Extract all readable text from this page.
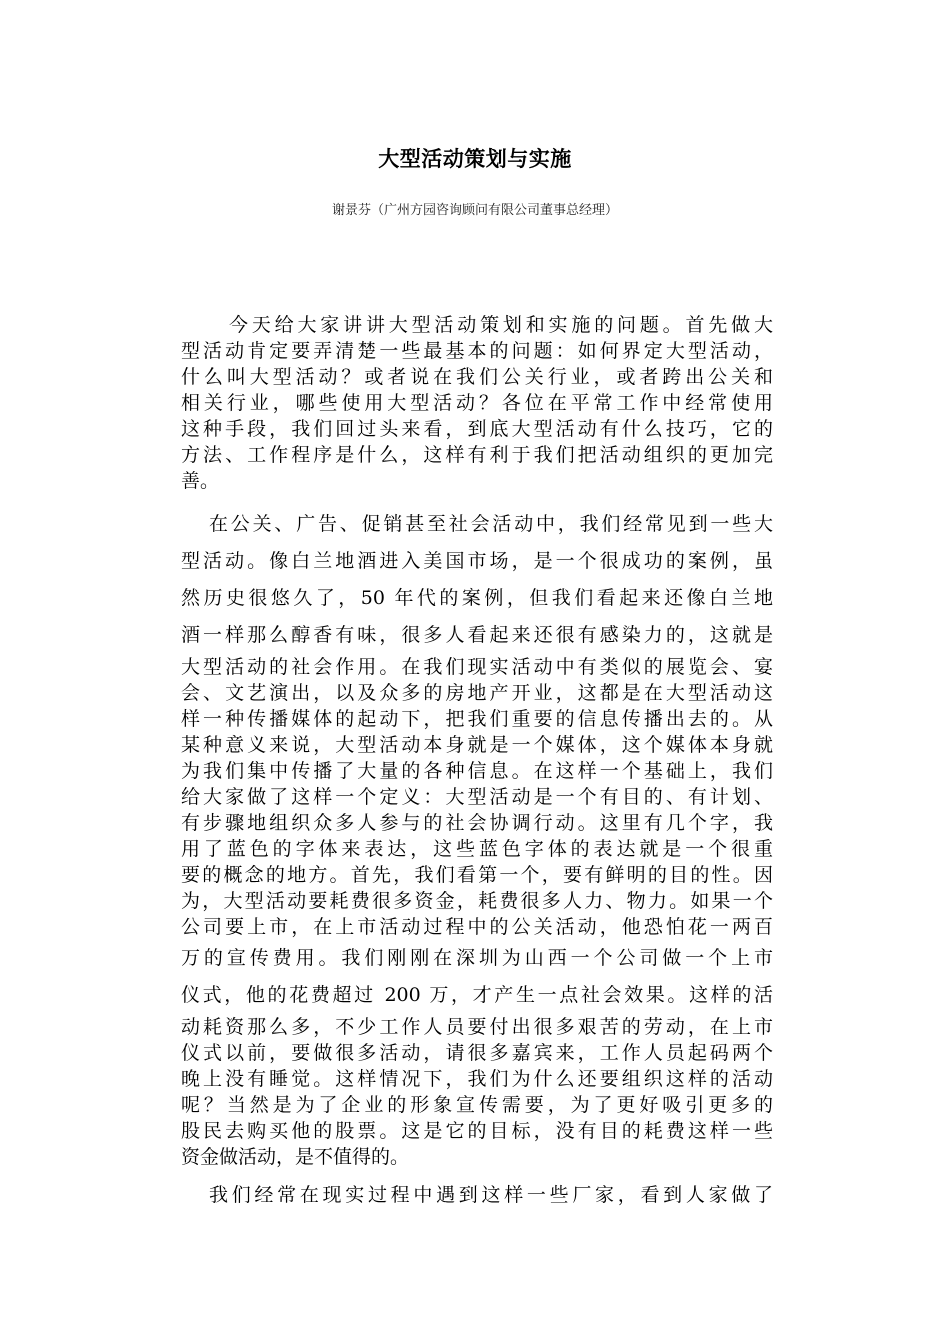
大型活动策划与实施
谢景芬（广州方园咨询顾问有限公司董事总经理）
今天给大家讲讲大型活动策划和实施的问题。首先做大
型活动肯定要弄清楚一些最基本的问题：如何界定大型活动，
什么叫大型活动？或者说在我们公关行业，或者跨出公关和
相关行业，哪些使用大型活动？各位在平常工作中经常使用
这种手段，我们回过头来看，到底大型活动有什么技巧，它的
方法、工作程序是什么，这样有利于我们把活动组织的更加完
善。
在公关、广告、促销甚至社会活动中，我们经常见到一些大
型活动。像白兰地酒进入美国市场，是一个很成功的案例，虽
然历史很悠久了，50 年代的案例，但我们看起来还像白兰地
酒一样那么醇香有味，很多人看起来还很有感染力的，这就是
大型活动的社会作用。在我们现实活动中有类似的展览会、宴
会、文艺演出，以及众多的房地产开业，这都是在大型活动这
样一种传播媒体的起动下，把我们重要的信息传播出去的。从
某种意义来说，大型活动本身就是一个媒体，这个媒体本身就
为我们集中传播了大量的各种信息。在这样一个基础上，我们
给大家做了这样一个定义：大型活动是一个有目的、有计划、
有步骤地组织众多人参与的社会协调行动。这里有几个字，我
用了蓝色的字体来表达，这些蓝色字体的表达就是一个很重
要的概念的地方。首先，我们看第一个，要有鲜明的目的性。因
为，大型活动要耗费很多资金，耗费很多人力、物力。如果一个
公司要上市，在上市活动过程中的公关活动，他恐怕花一两百
万的宣传费用。我们刚刚在深圳为山西一个公司做一个上市
仪式，他的花费超过 200 万，才产生一点社会效果。这样的活
动耗资那么多，不少工作人员要付出很多艰苦的劳动，在上市
仪式以前，要做很多活动，请很多嘉宾来，工作人员起码两个
晚上没有睡觉。这样情况下，我们为什么还要组织这样的活动
呢？当然是为了企业的形象宣传需要，为了更好吸引更多的
股民去购买他的股票。这是它的目标，没有目的耗费这样一些
资金做活动，是不值得的。
我们经常在现实过程中遇到这样一些厂家，看到人家做了
